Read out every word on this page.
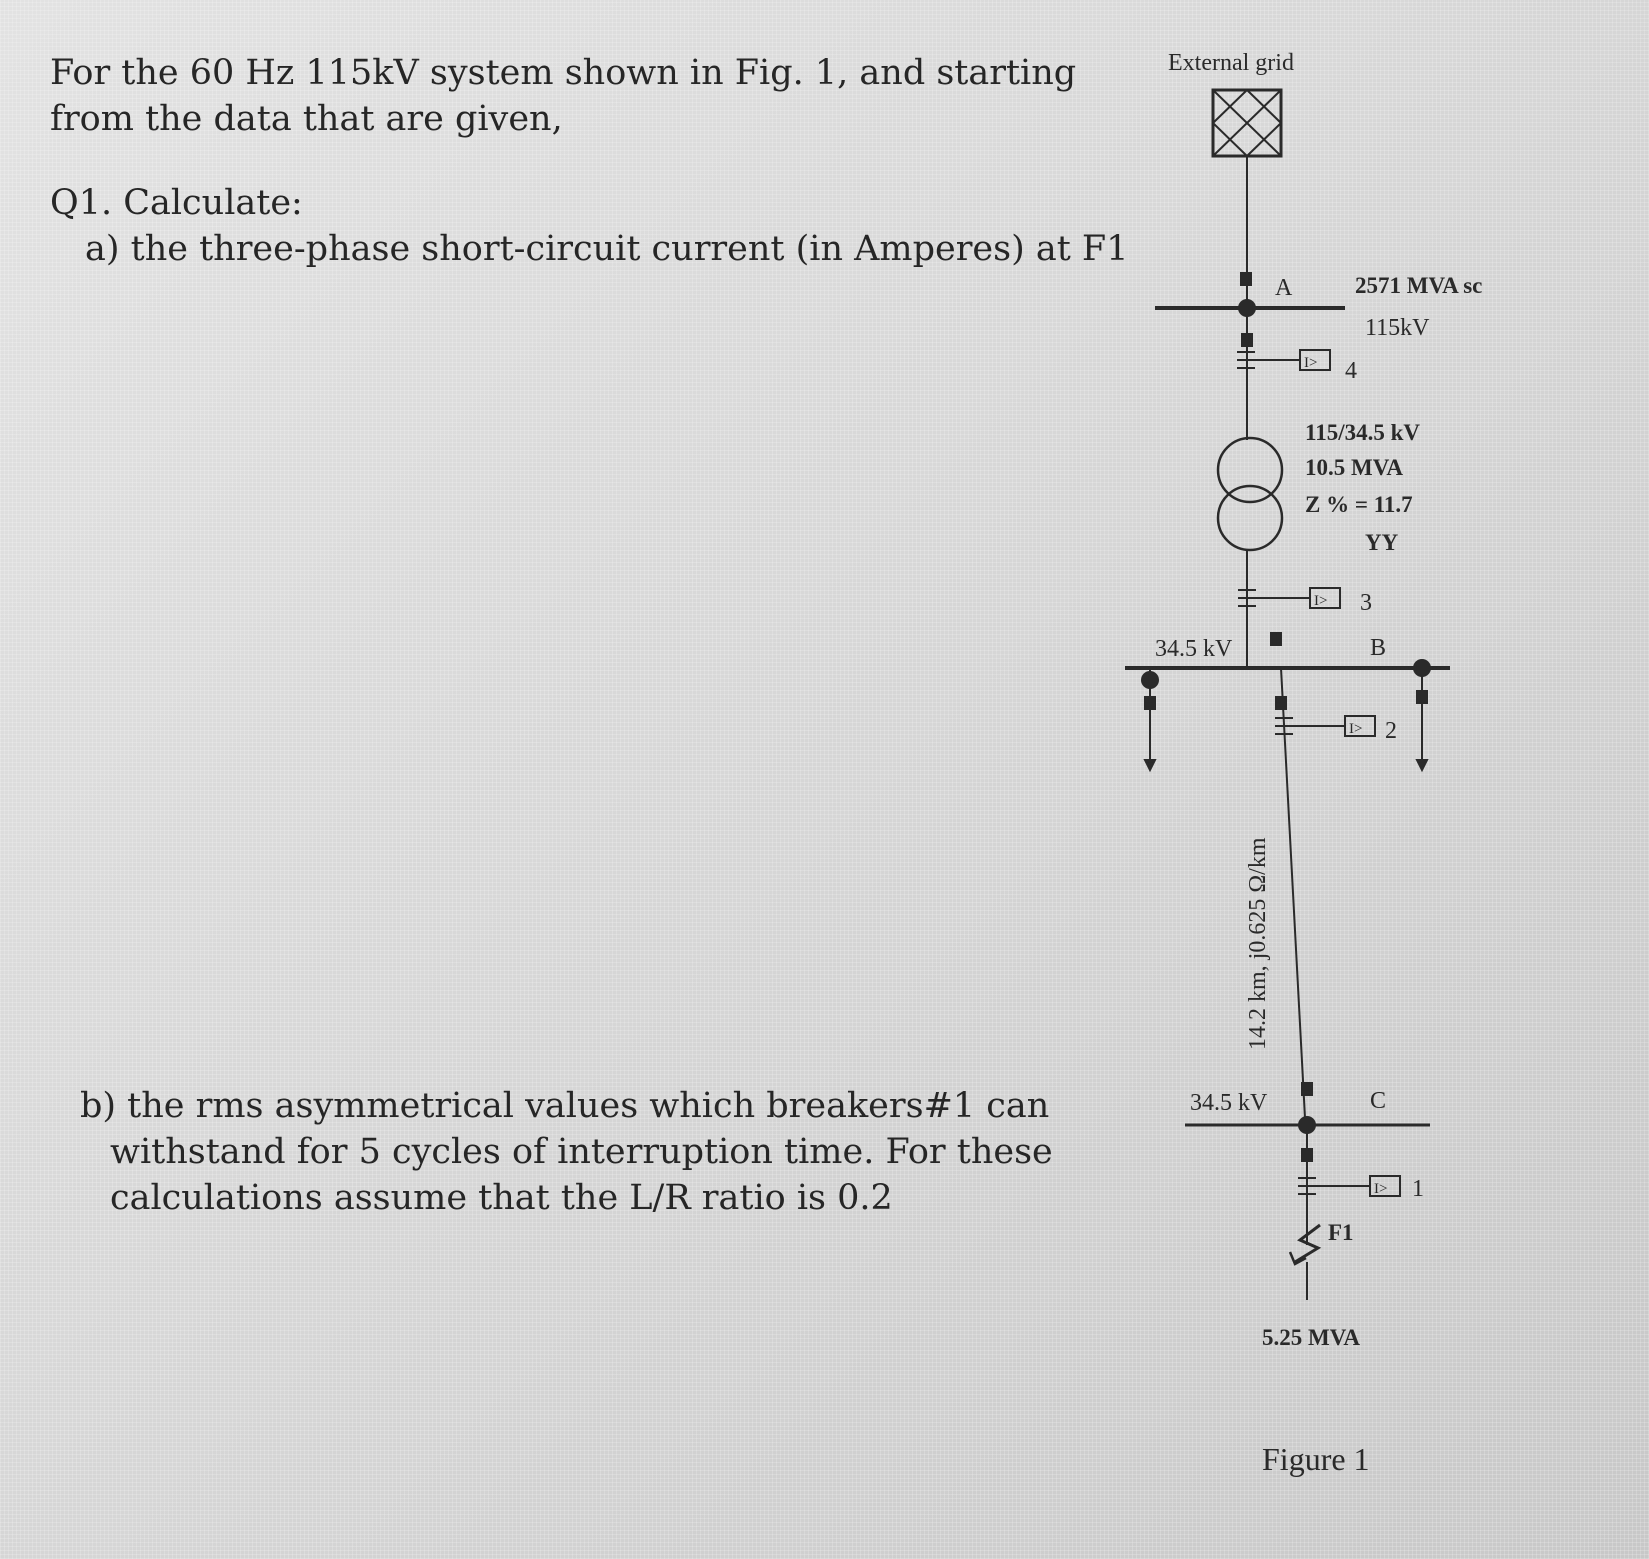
For the 60 Hz 115kV system shown in Fig. 1, and starting
from the data that are given,
Q1. Calculate:
a) the three-phase short-circuit current (in Amperes) at F1
b) the rms asymmetrical values which breakers#1 can
withstand for 5 cycles of interruption time. For these
calculations assume that the L/R ratio is 0.2
I>
I>
I>
I>
External grid
A	2571 MVA sc
115kV
4
115/34.5 kV
10.5 MVA
Z % = 11.7
YY
3
34.5 kV	B
2
14.2 km, j0.625 Ω/km
34.5 kV	C
1
F1
5.25 MVA
Figure 1
